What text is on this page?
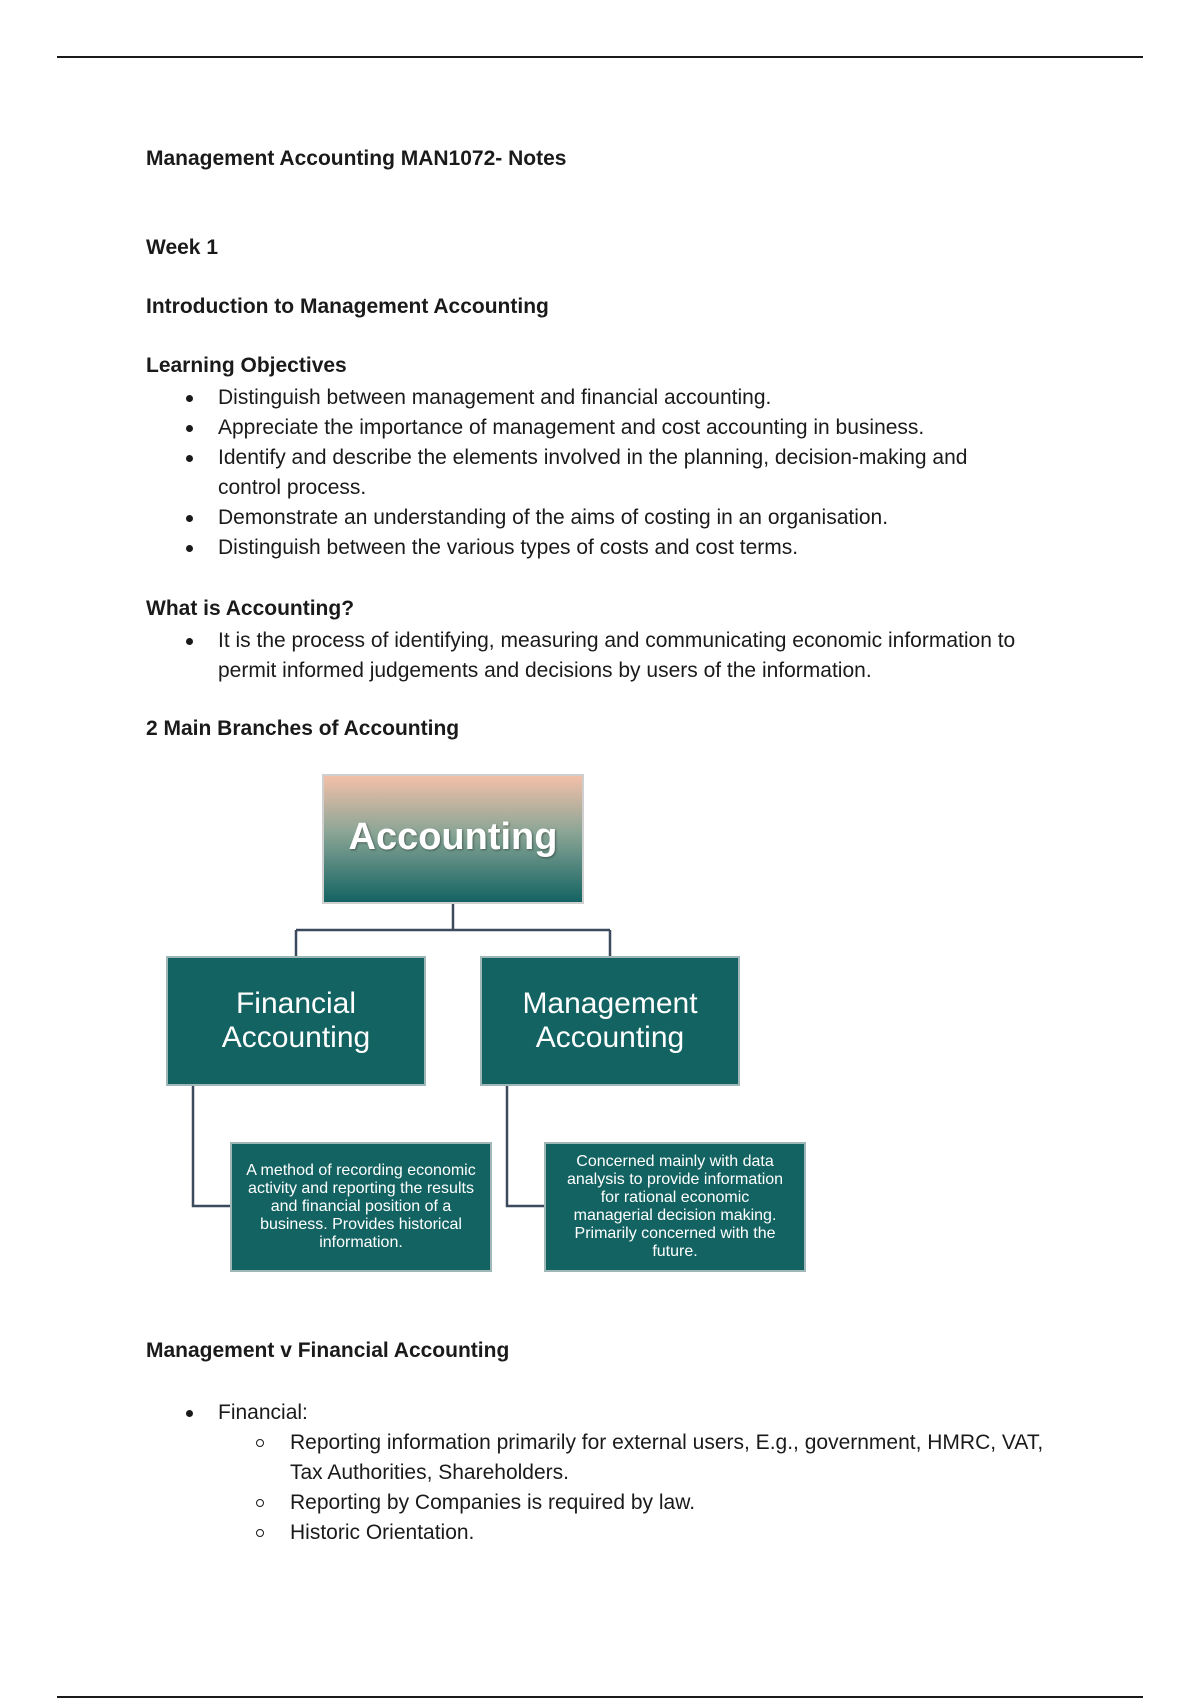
Management Accounting MAN1072- Notes
Week 1
Introduction to Management Accounting
Learning Objectives
Distinguish between management and financial accounting.
Appreciate the importance of management and cost accounting in business.
Identify and describe the elements involved in the planning, decision-making and control process.
Demonstrate an understanding of the aims of costing in an organisation.
Distinguish between the various types of costs and cost terms.
What is Accounting?
It is the process of identifying, measuring and communicating economic information to permit informed judgements and decisions by users of the information.
2 Main Branches of Accounting
Management v Financial Accounting
Financial:
Reporting information primarily for external users, E.g., government, HMRC, VAT, Tax Authorities, Shareholders.
Reporting by Companies is required by law.
Historic Orientation.
Accounting
Financial Accounting
Management Accounting
A method of recording economic activity and reporting the results and financial position of a business. Provides historical information.
Concerned mainly with data analysis to provide information for rational economic managerial decision making. Primarily concerned with the future.
